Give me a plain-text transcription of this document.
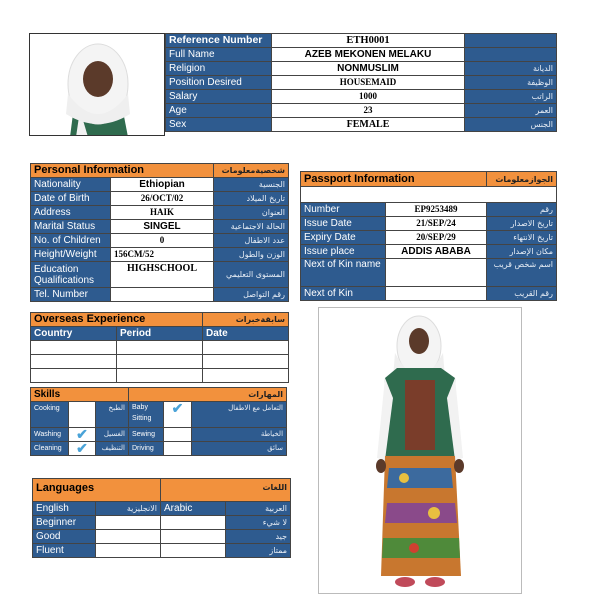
Reference Number	ETH0001	
Full Name	AZEB MEKONEN MELAKU	
Religion	NONMUSLIM	الديانة
Position Desired	HOUSEMAID	الوظيفة
Salary	1000	الراتب
Age	23	العمر
Sex	FEMALE	الجنس
Personal Information		شخصيةمعلومات
Nationality	Ethiopian	الجنسية
Date of Birth	26/OCT/02	تاريخ الميلاد
Address	HAIK	العنوان
Marital Status	SINGEL	الحالة الاجتماعية
No. of Children	0	عدد الاطفال
Height/Weight	156CM/52	الوزن والطول
Education Qualifications	HIGHSCHOOL	المستوى التعليمي
Tel. Number		رقم التواصل
Passport Information		الجوازمعلومات

Number	EP9253489	رقم
Issue Date	21/SEP/24	تاريخ الاصدار
Expiry Date	20/SEP/29	تاريخ الانتهاء
Issue place	ADDIS ABABA	مكان الإصدار
Next of Kin name		اسم شخص قريب
Next of Kin		رقم القريب
Overseas Experience		سابقةخبرات
Country	Period	Date

Skills			المهارات		
Cooking		الطبخ	Baby Sitting	✔	التعامل مع الاطفال
Washing	✔	الغسيل	Sewing		الخياطة
Cleaning	✔	التنظيف	Driving		سائق
Languages		اللغات	
English	الانجليزية	Arabic	العربية
Beginner			لا شيء
Good			جيد
Fluent			ممتاز
